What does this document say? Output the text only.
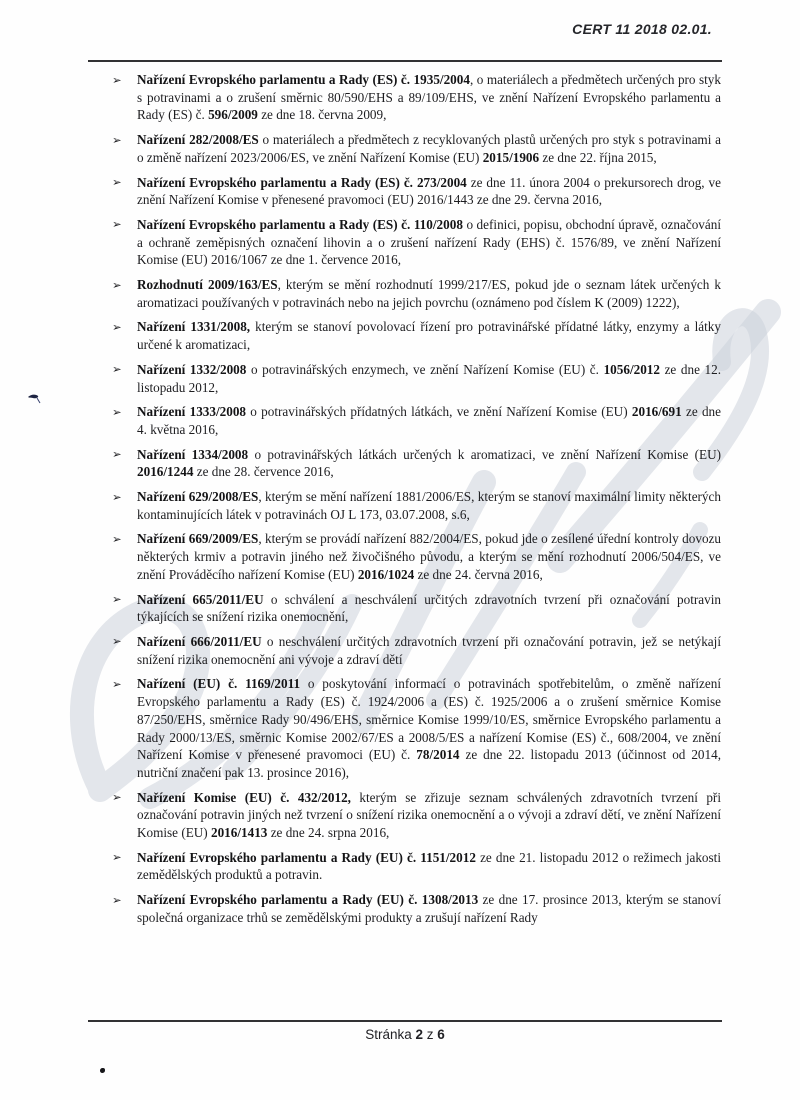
CERT 11 2018 02.01.
➢ Nařízení Evropského parlamentu a Rady (ES) č. 1935/2004, o materiálech a předmětech určených pro styk s potravinami a o zrušení směrnic 80/590/EHS a 89/109/EHS, ve znění Nařízení Evropského parlamentu a Rady (ES) č. 596/2009 ze dne 18. června 2009,
➢ Nařízení 282/2008/ES o materiálech a předmětech z recyklovaných plastů určených pro styk s potravinami a o změně nařízení 2023/2006/ES, ve znění Nařízení Komise (EU) 2015/1906 ze dne 22. října 2015,
➢ Nařízení Evropského parlamentu a Rady (ES) č. 273/2004 ze dne 11. února 2004 o prekursorech drog, ve znění Nařízení Komise v přenesené pravomoci (EU) 2016/1443 ze dne 29. června 2016,
➢ Nařízení Evropského parlamentu a Rady (ES) č. 110/2008 o definici, popisu, obchodní úpravě, označování a ochraně zeměpisných označení lihovin a o zrušení nařízení Rady (EHS) č. 1576/89, ve znění Nařízení Komise (EU) 2016/1067 ze dne 1. července 2016,
➢ Rozhodnutí 2009/163/ES, kterým se mění rozhodnutí 1999/217/ES, pokud jde o seznam látek určených k aromatizaci používaných v potravinách nebo na jejich povrchu (oznámeno pod číslem K (2009) 1222),
➢ Nařízení 1331/2008, kterým se stanoví povolovací řízení pro potravinářské přídatné látky, enzymy a látky určené k aromatizaci,
➢ Nařízení 1332/2008 o potravinářských enzymech, ve znění Nařízení Komise (EU) č. 1056/2012 ze dne 12. listopadu 2012,
➢ Nařízení 1333/2008 o potravinářských přídatných látkách, ve znění Nařízení Komise (EU) 2016/691 ze dne 4. května 2016,
➢ Nařízení 1334/2008 o potravinářských látkách určených k aromatizaci, ve znění Nařízení Komise (EU) 2016/1244 ze dne 28. července 2016,
➢ Nařízení 629/2008/ES, kterým se mění nařízení 1881/2006/ES, kterým se stanoví maximální limity některých kontaminujících látek v potravinách OJ L 173, 03.07.2008, s.6,
➢ Nařízení 669/2009/ES, kterým se provádí nařízení 882/2004/ES, pokud jde o zesílené úřední kontroly dovozu některých krmiv a potravin jiného než živočišného původu, a kterým se mění rozhodnutí 2006/504/ES, ve znění Prováděcího nařízení Komise (EU) 2016/1024 ze dne 24. června 2016,
➢ Nařízení 665/2011/EU o schválení a neschválení určitých zdravotních tvrzení při označování potravin týkajících se snížení rizika onemocnění,
➢ Nařízení 666/2011/EU o neschválení určitých zdravotních tvrzení při označování potravin, jež se netýkají snížení rizika onemocnění ani vývoje a zdraví dětí
➢ Nařízení (EU) č. 1169/2011 o poskytování informací o potravinách spotřebitelům, o změně nařízení Evropského parlamentu a Rady (ES) č. 1924/2006 a (ES) č. 1925/2006 a o zrušení směrnice Komise 87/250/EHS, směrnice Rady 90/496/EHS, směrnice Komise 1999/10/ES, směrnice Evropského parlamentu a Rady 2000/13/ES, směrnic Komise 2002/67/ES a 2008/5/ES a nařízení Komise (ES) č., 608/2004, ve znění Nařízení Komise v přenesené pravomoci (EU) č. 78/2014 ze dne 22. listopadu 2013 (účinnost od 2014, nutriční značení pak 13. prosince 2016),
➢ Nařízení Komise (EU) č. 432/2012, kterým se zřizuje seznam schválených zdravotních tvrzení při označování potravin jiných než tvrzení o snížení rizika onemocnění a o vývoji a zdraví dětí, ve znění Nařízení Komise (EU) 2016/1413 ze dne 24. srpna 2016,
➢ Nařízení Evropského parlamentu a Rady (EU) č. 1151/2012 ze dne 21. listopadu 2012 o režimech jakosti zemědělských produktů a potravin.
➢ Nařízení Evropského parlamentu a Rady (EU) č. 1308/2013 ze dne 17. prosince 2013, kterým se stanoví společná organizace trhů se zemědělskými produkty a zrušují nařízení Rady
Stránka 2 z 6
